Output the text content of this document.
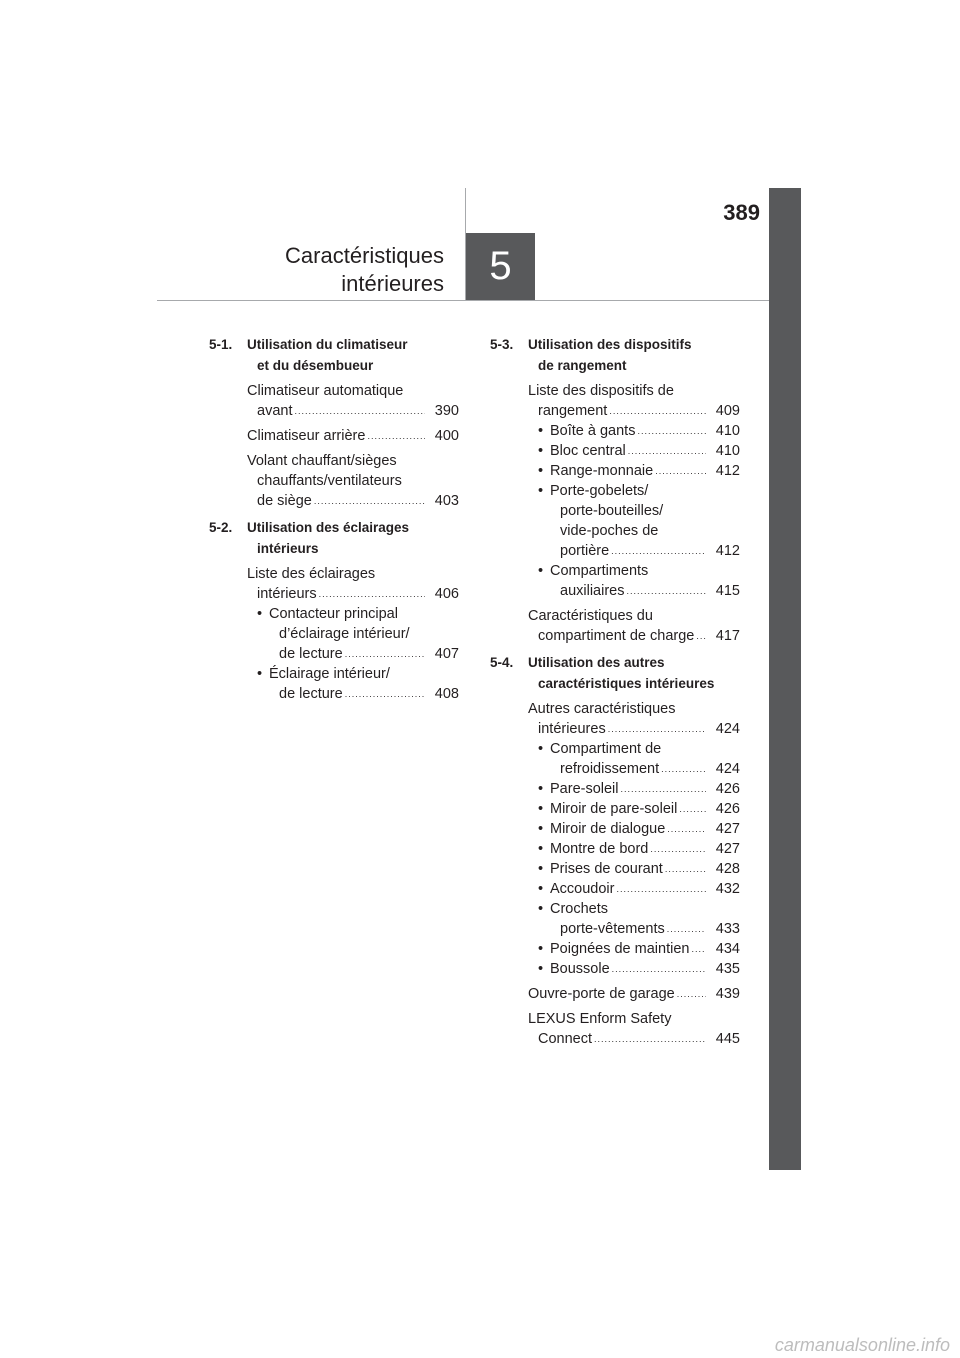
389
Caractéristiques
intérieures 5
5-1.	Utilisation du climatiseur
et du désembueur
Climatiseur automatique
avant .....	390
Climatiseur arrière .....	400
Volant chauffant/sièges
chauffants/ventilateurs
de siège .....	403
5-2.	Utilisation des éclairages
intérieurs
Liste des éclairages
intérieurs .....	406
• Contacteur principal
d’éclairage intérieur/
de lecture .....	407
• Éclairage intérieur/
de lecture .....	408
5-3.	Utilisation des dispositifs
de rangement
Liste des dispositifs de
rangement .....	409
• Boîte à gants .....	410
• Bloc central .....	410
• Range-monnaie .....	412
• Porte-gobelets/
porte-bouteilles/
vide-poches de
portière .....	412
• Compartiments
auxiliaires .....	415
Caractéristiques du
compartiment de charge .....	417
5-4.	Utilisation des autres
caractéristiques intérieures
Autres caractéristiques
intérieures .....	424
• Compartiment de
refroidissement .....	424
• Pare-soleil .....	426
• Miroir de pare-soleil .....	426
• Miroir de dialogue .....	427
• Montre de bord .....	427
• Prises de courant .....	428
• Accoudoir .....	432
• Crochets
porte-vêtements .....	433
• Poignées de maintien .....	434
• Boussole .....	435
Ouvre-porte de garage .....	439
LEXUS Enform Safety
Connect .....	445
carmanualsonline.info
